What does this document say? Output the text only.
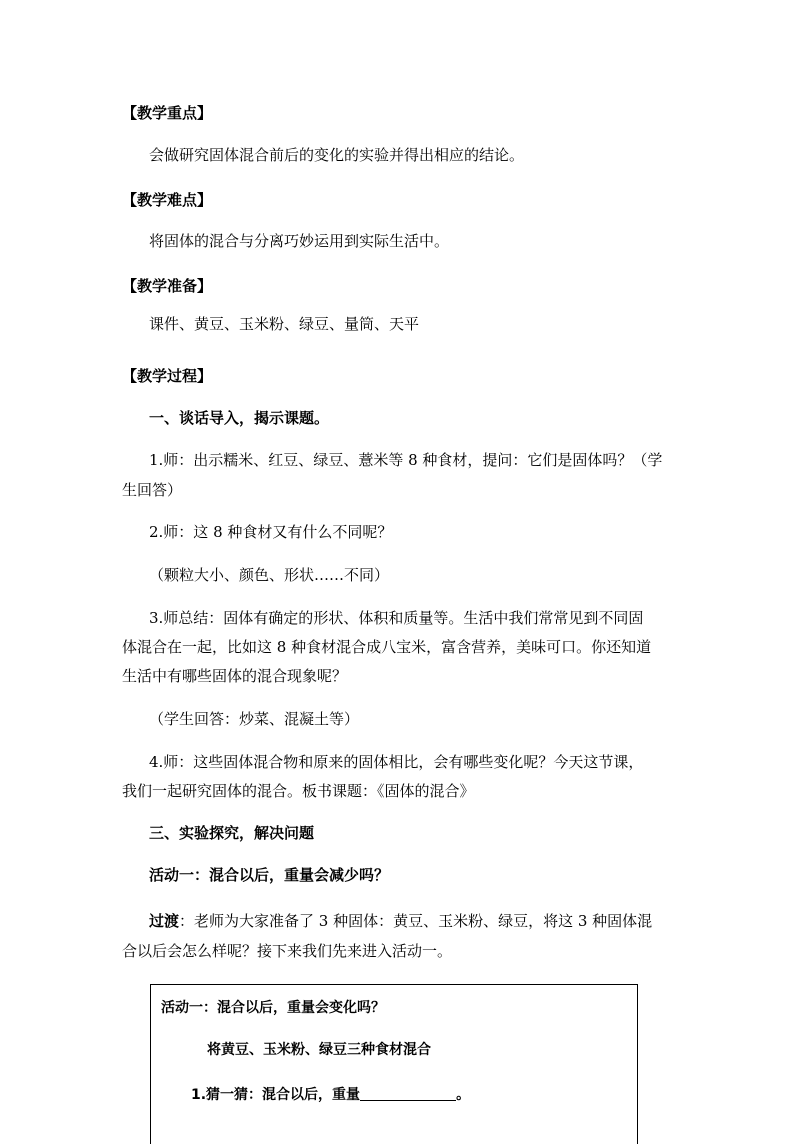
【教学重点】
会做研究固体混合前后的变化的实验并得出相应的结论。
【教学难点】
将固体的混合与分离巧妙运用到实际生活中。
【教学准备】
课件、黄豆、玉米粉、绿豆、量筒、天平
【教学过程】
一、谈话导入，揭示课题。
1.师：出示糯米、红豆、绿豆、薏米等 8 种食材，提问：它们是固体吗？（学
生回答）
2.师：这 8 种食材又有什么不同呢？
（颗粒大小、颜色、形状……不同）
3.师总结：固体有确定的形状、体积和质量等。生活中我们常常见到不同固
体混合在一起，比如这 8 种食材混合成八宝米，富含营养，美味可口。你还知道
生活中有哪些固体的混合现象呢？
（学生回答：炒菜、混凝土等）
4.师：这些固体混合物和原来的固体相比，会有哪些变化呢？今天这节课，
我们一起研究固体的混合。板书课题：《固体的混合》
三、实验探究，解决问题
活动一：混合以后，重量会减少吗？
过渡：老师为大家准备了 3 种固体：黄豆、玉米粉、绿豆，将这 3 种固体混
合以后会怎么样呢？接下来我们先来进入活动一。
活动一：混合以后，重量会变化吗？
将黄豆、玉米粉、绿豆三种食材混合
1.猜一猜：混合以后，重量	。
